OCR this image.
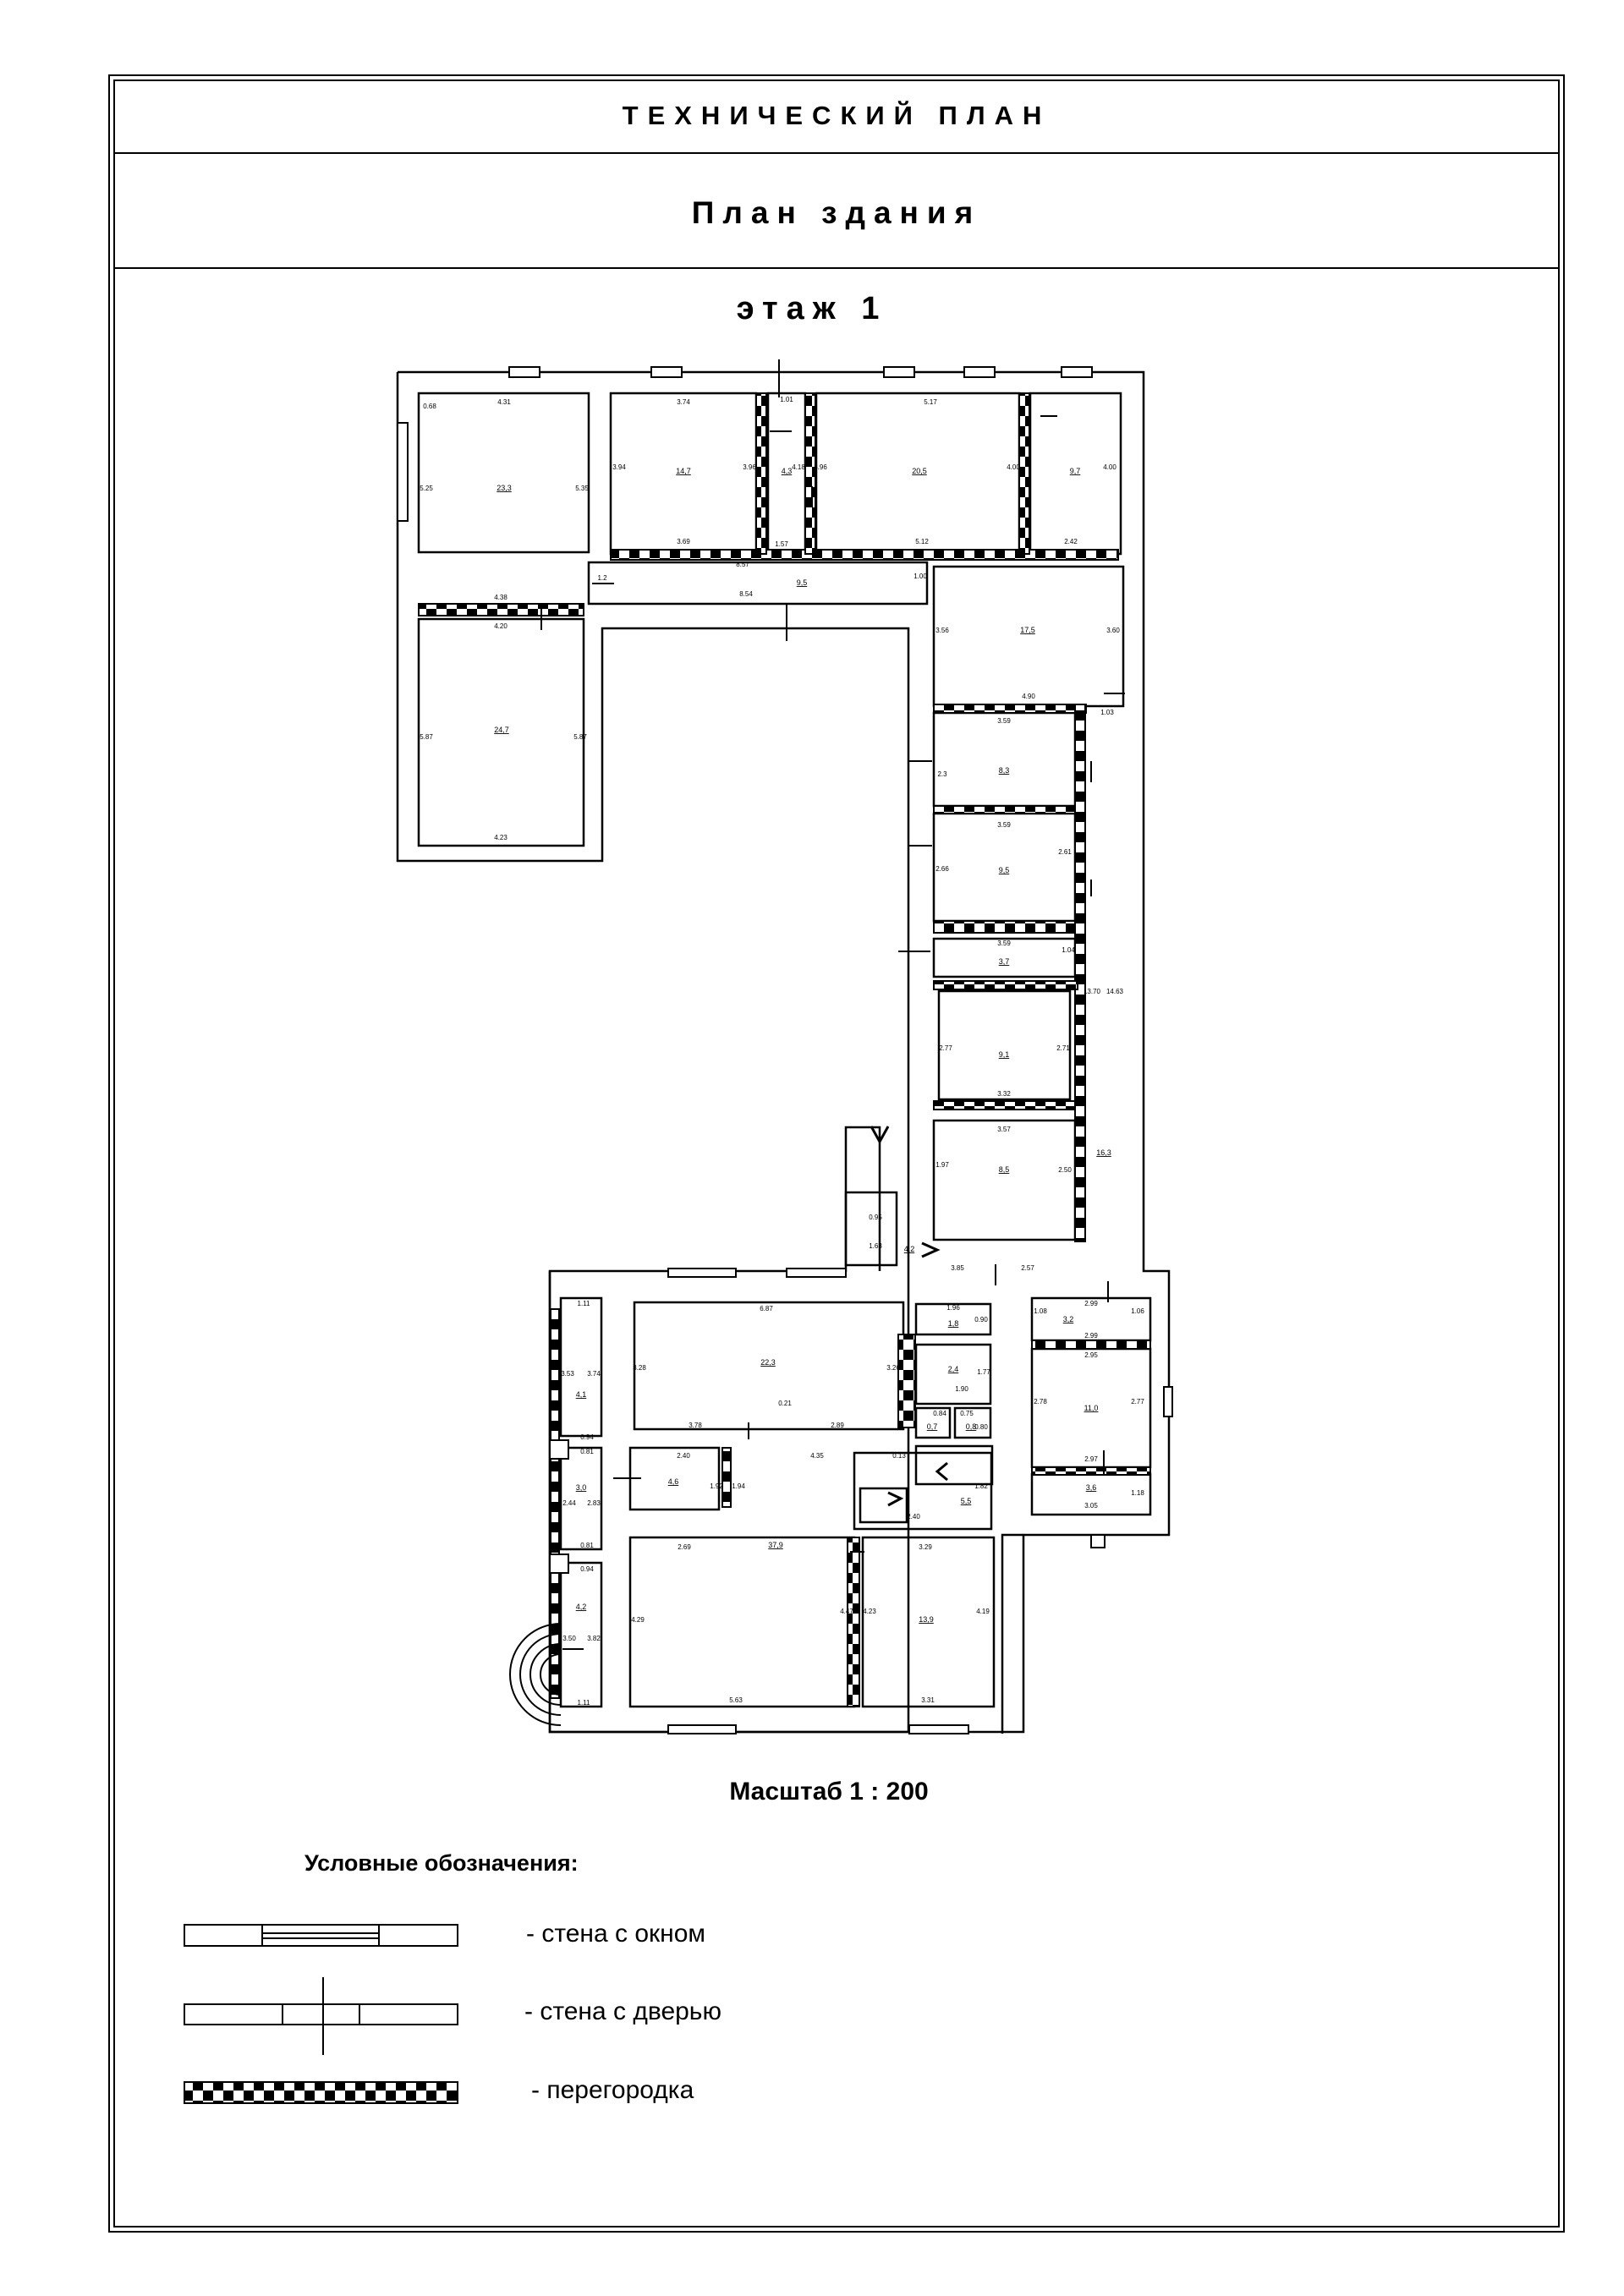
ТЕХНИЧЕСКИЙ ПЛАН
План здания
этаж 1
23,3
24,7
14,7	4,3	20,5	9,7
9,5
17,5
8,3
9,5
3,7
9,1
8,5
16,3
4,2
22,3
1,8
2,4
0,7	0,8
4,1
3,0
4,6
37,9
5,5
13,9
4,2
3,2
11,0
3,6
4.31
5.25	5.35
0.68
3.74
3.94	3.96
1.01
4.18 3.96
5.17
4.00	4.00
3.69	1.57	5.12	2.42
8.57
4.38
4.20
8.54
1.2	1.00
5.87	5.87
4.23
3.56	3.60
4.90
1.03
3.59
2.3
3.59
2.66
2.61
3.59
1.04
2.77	2.71
3.32
13.70 14.63
3.57
1.97
2.50
0.95
1.63
3.85	2.57
1.11
3.53 3.74
6.87
3.28
0.21
3.26
3.78	2.89
1.96
0.90
1.77
1.90
0.84 0.75
0.80
0.94
0.81
2.40
1.92 1.94
4.35	0.13
2.44 2.83
0.81
0.94
2.69
4.47 4.23
3.29
4.19
4.29
3.50 3.82
5.63	3.31
1.11
1.08
2.99
1.06
2.99
2.95
2.78	2.77
2.97
3.05
1.18
1.82
2.40
Масштаб 1 : 200
Условные обозначения:
- стена с окном
- стена с дверью
- перегородка
